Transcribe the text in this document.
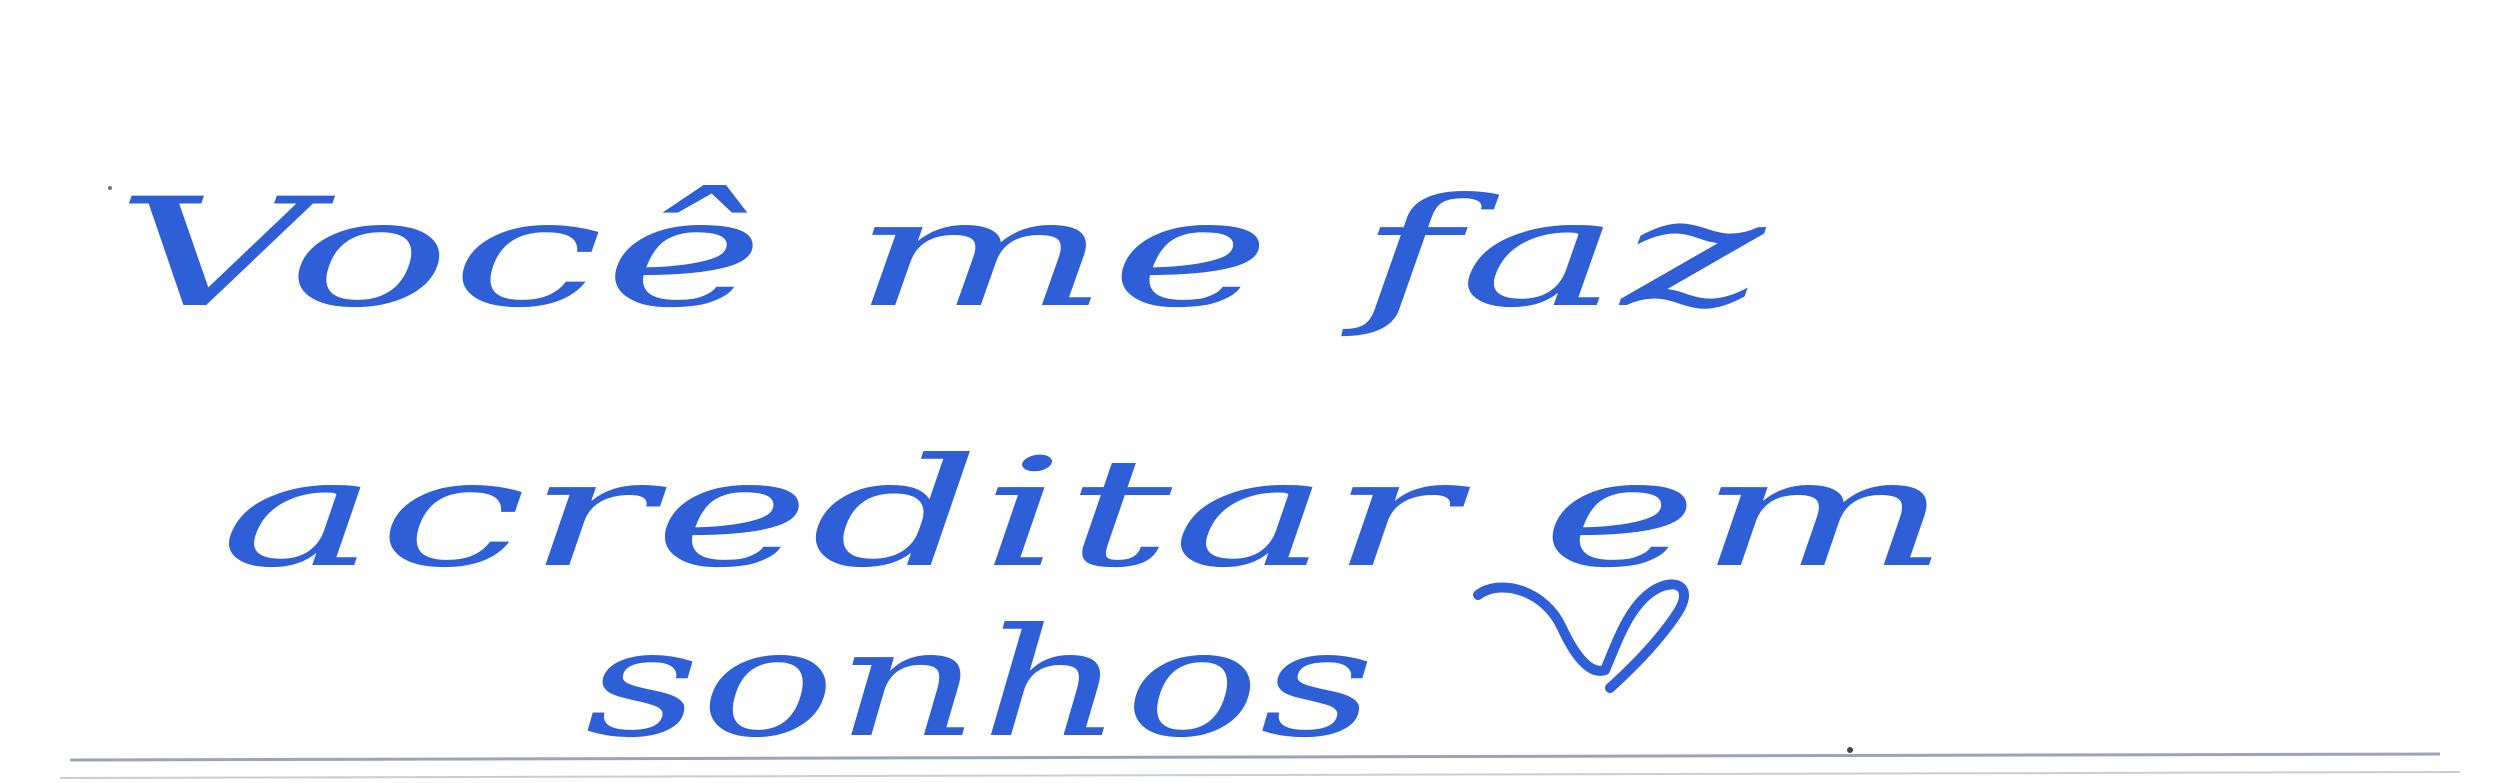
Você me faz
acreditar em
sonhos
